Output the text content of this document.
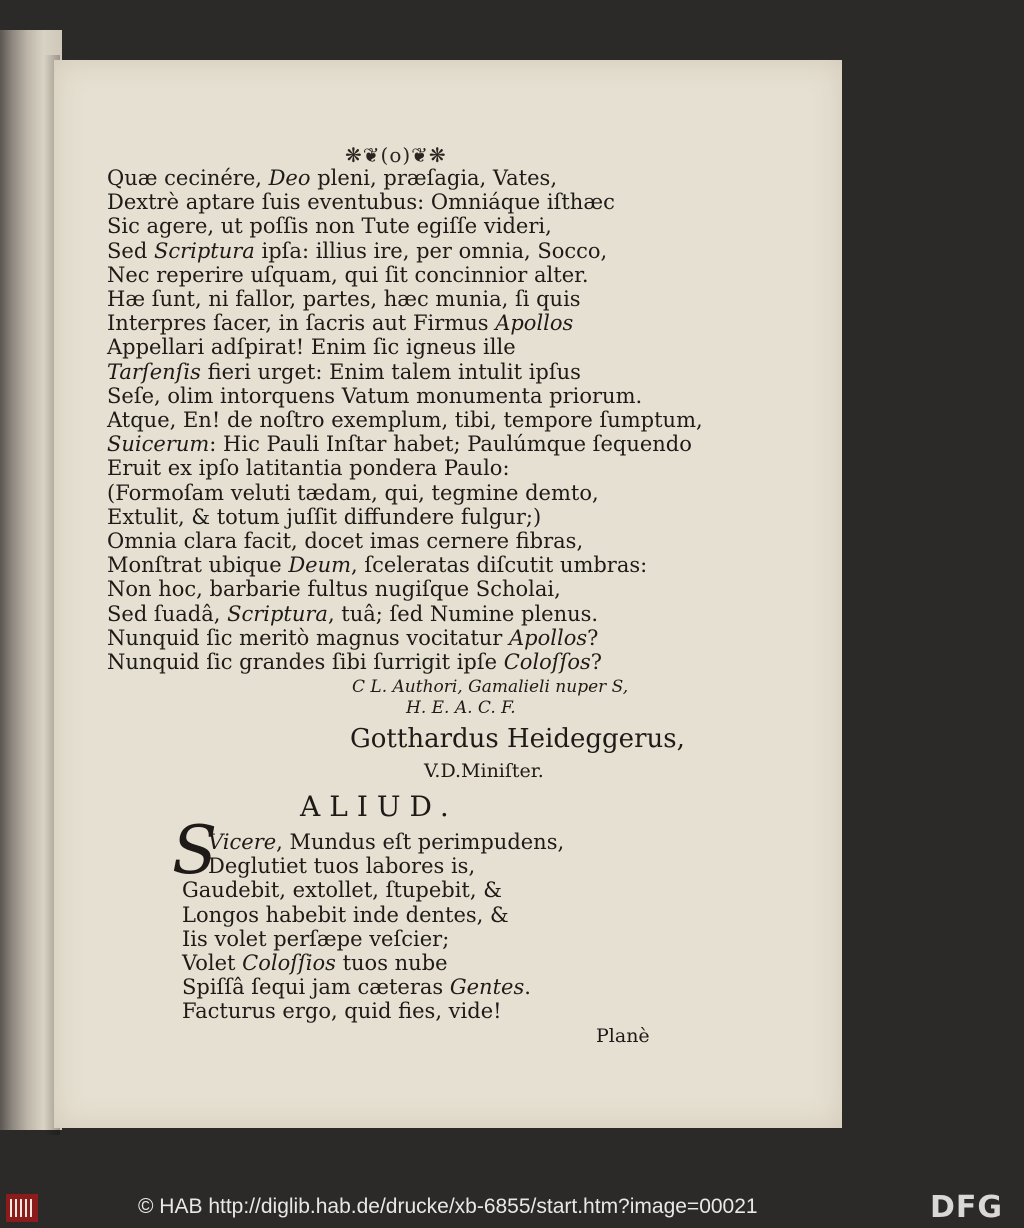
❋❦(o)❦❋
Quæ cecinére, Deo pleni, præſagia, Vates,
Dextrè aptare ſuis eventubus: Omniáque iſthæc
Sic agere, ut poſſis non Tute egiſſe videri,
Sed Scriptura ipſa: illius ire, per omnia, Socco,
Nec reperire uſquam, qui ſit concinnior alter.
Hæ ſunt, ni fallor, partes, hæc munia, ſi quis
Interpres ſacer, in ſacris aut Firmus Apollos
Appellari adſpirat! Enim ſic igneus ille
Tarſenſis fieri urget: Enim talem intulit ipſus
Seſe, olim intorquens Vatum monumenta priorum.
Atque, En! de noſtro exemplum, tibi, tempore ſumptum,
Suicerum: Hic Pauli Inſtar habet; Paulúmque ſequendo
Eruit ex ipſo latitantia pondera Paulo:
(Formoſam veluti tædam, qui, tegmine demto,
Extulit, & totum juſſit diffundere fulgur;)
Omnia clara facit, docet imas cernere fibras,
Monſtrat ubique Deum, ſceleratas diſcutit umbras:
Non hoc, barbarie fultus nugiſque Scholai,
Sed ſuadâ, Scriptura, tuâ; ſed Numine plenus.
Nunquid ſic meritò magnus vocitatur Apollos?
Nunquid ſic grandes ſibi ſurrigit ipſe Coloſſos?
C L. Authori, Gamalieli nuper S,
H. E. A. C. F.
Gotthardus Heideggerus,
V.D.Miniſter.
ALIUD.
S
Vicere, Mundus eſt perimpudens,
Deglutiet tuos labores is,
Gaudebit, extollet, ſtupebit, &
Longos habebit inde dentes, &
Iis volet perſæpe veſcier;
Volet Coloſſios tuos nube
Spiſſâ ſequi jam cæteras Gentes.
Facturus ergo, quid fies, vide!
Planè
© HAB http://diglib.hab.de/drucke/xb-6855/start.htm?image=00021	DFG
